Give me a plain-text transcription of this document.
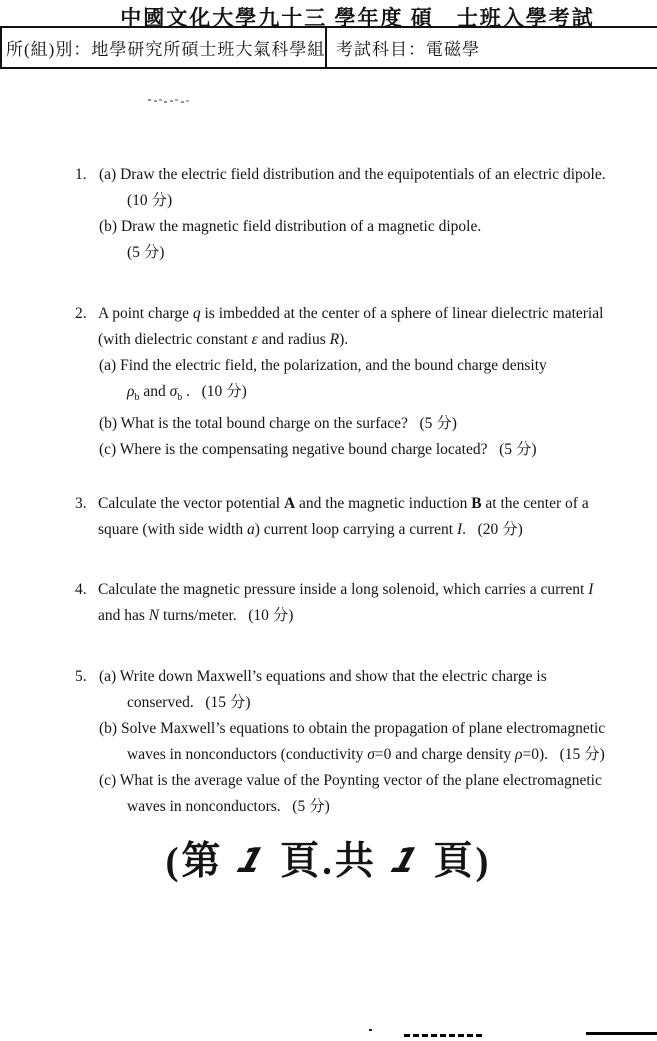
中國文化大學九十三 學年度 碩　士班入學考試
所(組)別： 地學研究所碩士班大氣科學組 考試科目： 電磁學
1. (a) Draw the electric field distribution and the equipotentials of an electric dipole.
(10 分)
(b) Draw the magnetic field distribution of a magnetic dipole.
(5 分)
2. A point charge q is imbedded at the center of a sphere of linear dielectric material
(with dielectric constant ε and radius R).
(a) Find the electric field, the polarization, and the bound charge density
$\rho_b$ and $\sigma_b$ .   (10 分)
(b) What is the total bound charge on the surface?   (5 分)
(c) Where is the compensating negative bound charge located?   (5 分)
3. Calculate the vector potential A and the magnetic induction B at the center of a
square (with side width a) current loop carrying a current I.   (20 分)
4. Calculate the magnetic pressure inside a long solenoid, which carries a current I
and has N turns/meter.   (10 分)
5. (a) Write down Maxwell’s equations and show that the electric charge is
conserved.   (15 分)
(b) Solve Maxwell’s equations to obtain the propagation of plane electromagnetic
waves in nonconductors (conductivity σ=0 and charge density ρ=0).   (15 分)
(c) What is the average value of the Poynting vector of the plane electromagnetic
waves in nonconductors.   (5 分)
(第 1 頁.共 1 頁)
